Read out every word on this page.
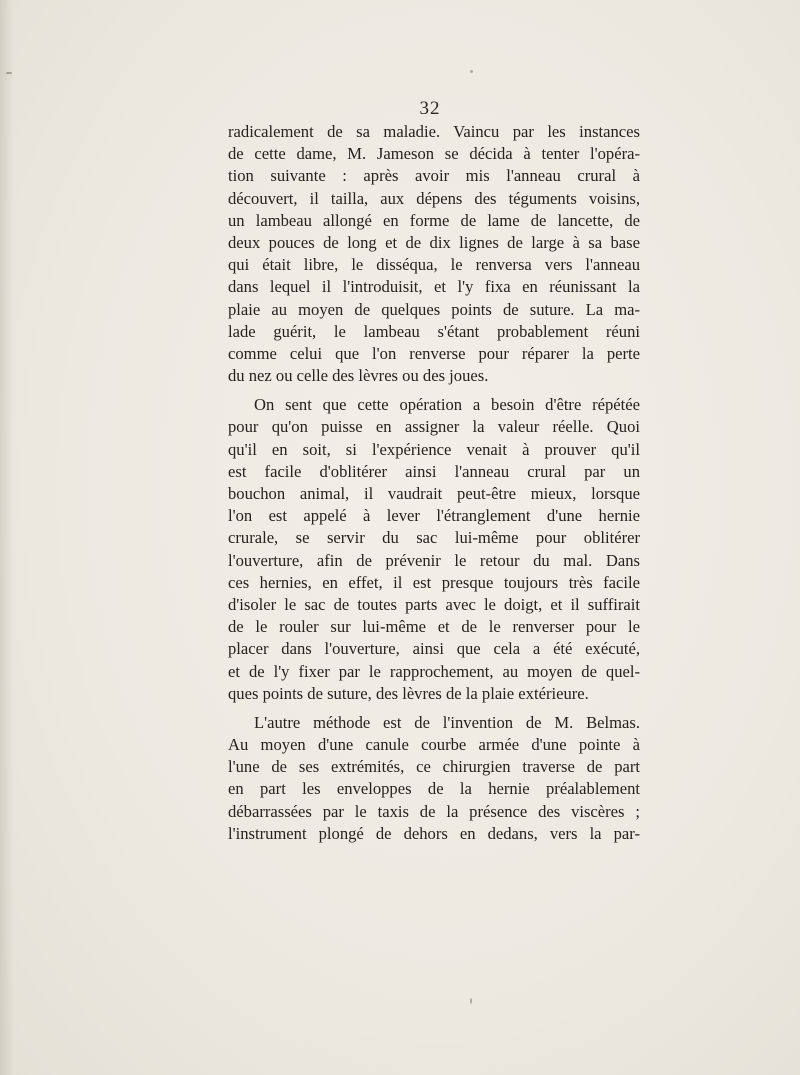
32
radicalement de sa maladie. Vaincu par les instances
de cette dame, M. Jameson se décida à tenter l'opéra-
tion suivante : après avoir mis l'anneau crural à
découvert, il tailla, aux dépens des téguments voisins,
un lambeau allongé en forme de lame de lancette, de
deux pouces de long et de dix lignes de large à sa base
qui était libre, le disséqua, le renversa vers l'anneau
dans lequel il l'introduisit, et l'y fixa en réunissant la
plaie au moyen de quelques points de suture. La ma-
lade guérit, le lambeau s'étant probablement réuni
comme celui que l'on renverse pour réparer la perte
du nez ou celle des lèvres ou des joues.
On sent que cette opération a besoin d'être répétée
pour qu'on puisse en assigner la valeur réelle. Quoi
qu'il en soit, si l'expérience venait à prouver qu'il
est facile d'oblitérer ainsi l'anneau crural par un
bouchon animal, il vaudrait peut-être mieux, lorsque
l'on est appelé à lever l'étranglement d'une hernie
crurale, se servir du sac lui-même pour oblitérer
l'ouverture, afin de prévenir le retour du mal. Dans
ces hernies, en effet, il est presque toujours très facile
d'isoler le sac de toutes parts avec le doigt, et il suffirait
de le rouler sur lui-même et de le renverser pour le
placer dans l'ouverture, ainsi que cela a été exécuté,
et de l'y fixer par le rapprochement, au moyen de quel-
ques points de suture, des lèvres de la plaie extérieure.
L'autre méthode est de l'invention de M. Belmas.
Au moyen d'une canule courbe armée d'une pointe à
l'une de ses extrémités, ce chirurgien traverse de part
en part les enveloppes de la hernie préalablement
débarrassées par le taxis de la présence des viscères ;
l'instrument plongé de dehors en dedans, vers la par-
